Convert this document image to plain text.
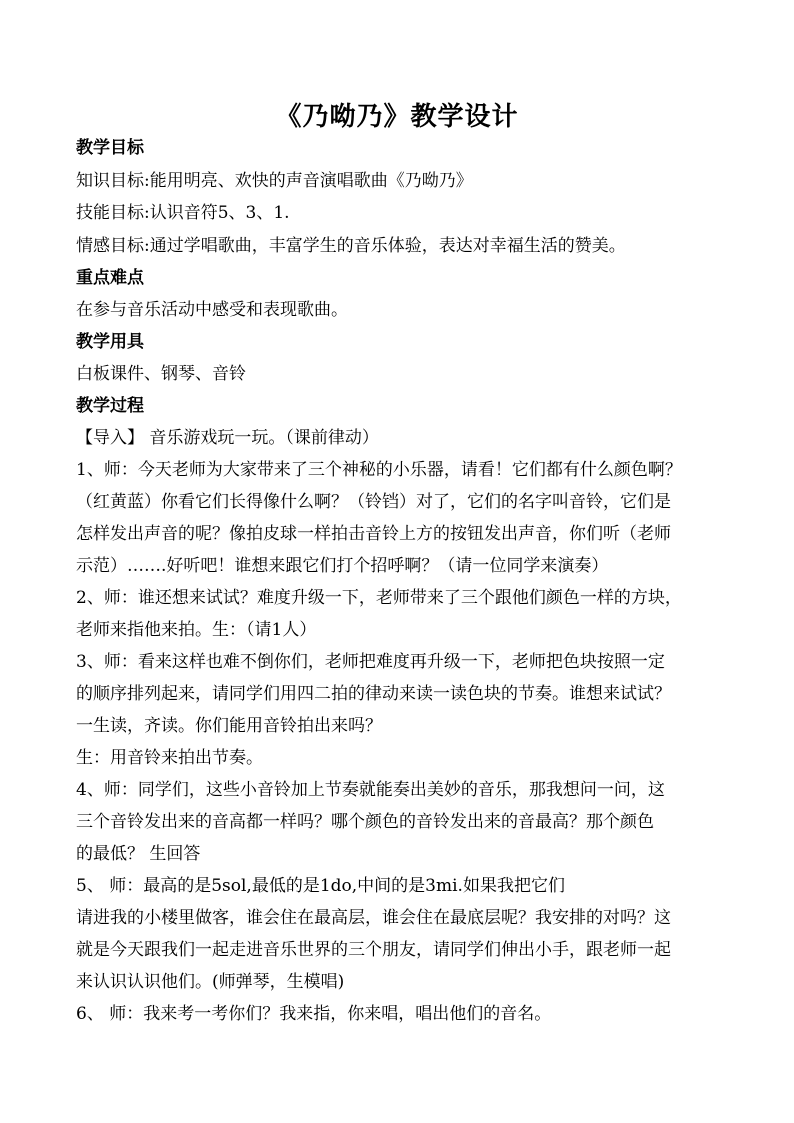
《乃呦乃》教学设计
教学目标
知识目标:能用明亮、欢快的声音演唱歌曲《乃呦乃》
技能目标:认识音符5、3、1.
情感目标:通过学唱歌曲，丰富学生的音乐体验，表达对幸福生活的赞美。
重点难点
在参与音乐活动中感受和表现歌曲。
教学用具
白板课件、钢琴、音铃
教学过程
【导入】 音乐游戏玩一玩。（课前律动）
1、师：今天老师为大家带来了三个神秘的小乐器，请看！它们都有什么颜色啊？
（红黄蓝）你看它们长得像什么啊？（铃铛）对了，它们的名字叫音铃，它们是
怎样发出声音的呢？像拍皮球一样拍击音铃上方的按钮发出声音，你们听（老师
示范）…….好听吧！谁想来跟它们打个招呼啊？（请一位同学来演奏）
2、师：谁还想来试试？难度升级一下，老师带来了三个跟他们颜色一样的方块，
老师来指他来拍。生：（请1人）
3、师：看来这样也难不倒你们，老师把难度再升级一下，老师把色块按照一定
的顺序排列起来，请同学们用四二拍的律动来读一读色块的节奏。谁想来试试？
一生读，齐读。你们能用音铃拍出来吗？
生：用音铃来拍出节奏。
4、师：同学们，这些小音铃加上节奏就能奏出美妙的音乐，那我想问一问，这
三个音铃发出来的音高都一样吗？哪个颜色的音铃发出来的音最高？那个颜色
的最低？ 生回答
5、 师：最高的是5sol,最低的是1do,中间的是3mi.如果我把它们
请进我的小楼里做客，谁会住在最高层，谁会住在最底层呢？我安排的对吗？这
就是今天跟我们一起走进音乐世界的三个朋友，请同学们伸出小手，跟老师一起
来认识认识他们。(师弹琴，生模唱)
6、 师：我来考一考你们？我来指，你来唱，唱出他们的音名。
